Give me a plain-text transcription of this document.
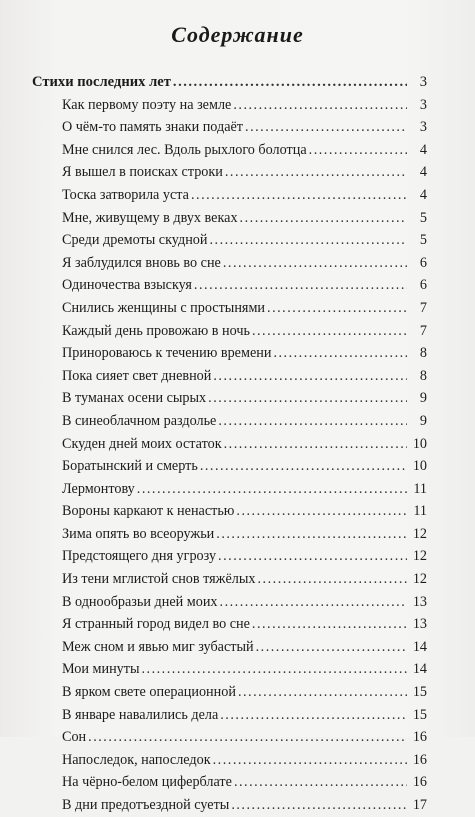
Содержание
Стихи последних лет .....	3
Как первому поэту на земле .....	3
О чём-то память знаки подаёт .....	3
Мне снился лес. Вдоль рыхлого болотца .....	4
Я вышел в поисках строки .....	4
Тоска затворила уста .....	4
Мне, живущему в двух веках .....	5
Среди дремоты скудной .....	5
Я заблудился вновь во сне .....	6
Одиночества взыскуя .....	6
Снились женщины с простынями .....	7
Каждый день провожаю в ночь .....	7
Принороваюсь к течению времени .....	8
Пока сияет свет дневной .....	8
В туманах осени сырых .....	9
В синеоблачном раздолье .....	9
Скуден дней моих остаток .....	10
Боратынский и смерть .....	10
Лермонтову .....	11
Вороны каркают к ненастью .....	11
Зима опять во всеоружьи .....	12
Предстоящего дня угрозу .....	12
Из тени мглистой снов тяжёлых .....	12
В однообразьи дней моих .....	13
Я странный город видел во сне .....	13
Меж сном и явью миг зубастый .....	14
Мои минуты .....	14
В ярком свете операционной .....	15
В январе навалились дела .....	15
Сон .....	16
Напоследок, напоследок .....	16
На чёрно-белом циферблате .....	16
В дни предотъездной суеты .....	17
